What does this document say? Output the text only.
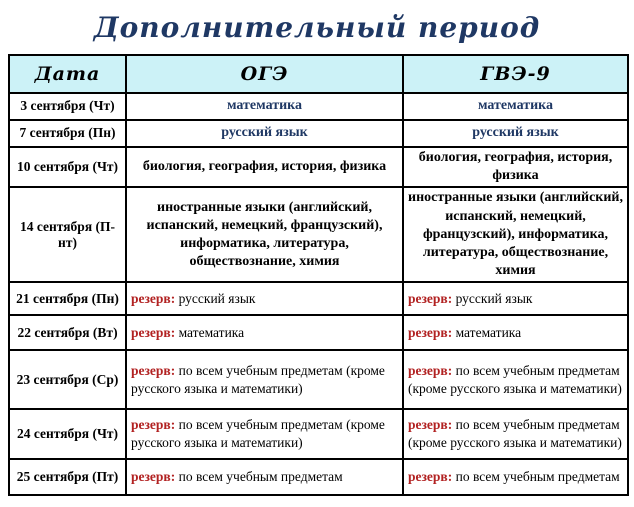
Дополнительный период
Дата	ОГЭ	ГВЭ-9
3 сентября (Чт)	математика	математика
7 сентября (Пн)	русский язык	русский язык
10 сентября (Чт)	биология, география, история, физика	биология, география, история, физика
14 сентября (П-нт)	иностранные языки (английский, испанский, немецкий, французский), информатика, литература, обществознание, химия	иностранные языки (английский, испанский, немецкий, французский), информатика, литература, обществознание, химия
21 сентября (Пн)	резерв: русский язык	резерв: русский язык
22 сентября (Вт)	резерв: математика	резерв: математика
23 сентября (Ср)	резерв: по всем учебным предметам (кроме русского языка и математики)	резерв: по всем учебным предметам (кроме русского языка и математики)
24 сентября (Чт)	резерв: по всем учебным предметам (кроме русского языка и математики)	резерв: по всем учебным предметам (кроме русского языка и математики)
25 сентября (Пт)	резерв: по всем учебным предметам	резерв: по всем учебным предметам
